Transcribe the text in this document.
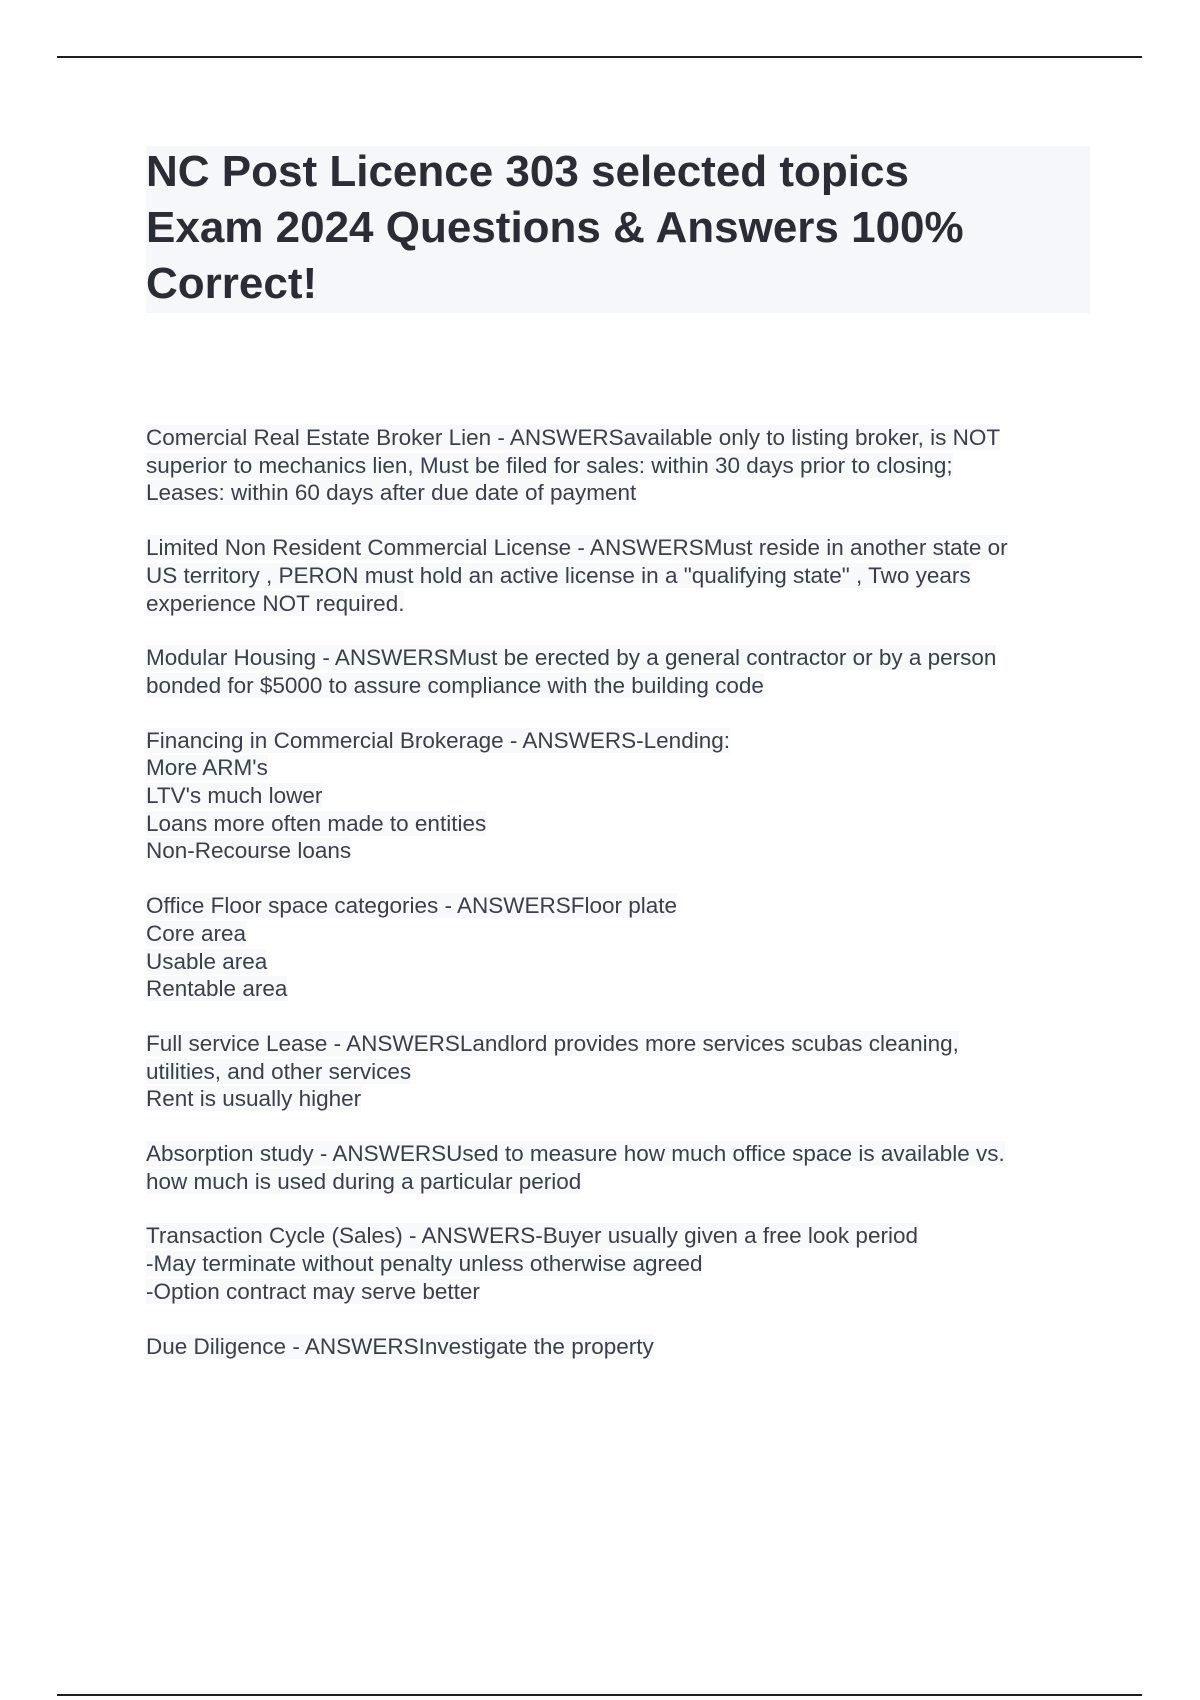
NC Post Licence 303 selected topics
Exam 2024 Questions & Answers 100%
Correct!
Comercial Real Estate Broker Lien - ANSWERSavailable only to listing broker, is NOT
superior to mechanics lien, Must be filed for sales: within 30 days prior to closing;
Leases: within 60 days after due date of payment
Limited Non Resident Commercial License - ANSWERSMust reside in another state or
US territory , PERON must hold an active license in a "qualifying state" , Two years
experience NOT required.
Modular Housing - ANSWERSMust be erected by a general contractor or by a person
bonded for $5000 to assure compliance with the building code
Financing in Commercial Brokerage - ANSWERS-Lending:
More ARM's
LTV's much lower
Loans more often made to entities
Non-Recourse loans
Office Floor space categories - ANSWERSFloor plate
Core area
Usable area
Rentable area
Full service Lease - ANSWERSLandlord provides more services scubas cleaning,
utilities, and other services
Rent is usually higher
Absorption study - ANSWERSUsed to measure how much office space is available vs.
how much is used during a particular period
Transaction Cycle (Sales) - ANSWERS-Buyer usually given a free look period
-May terminate without penalty unless otherwise agreed
-Option contract may serve better
Due Diligence - ANSWERSInvestigate the property
